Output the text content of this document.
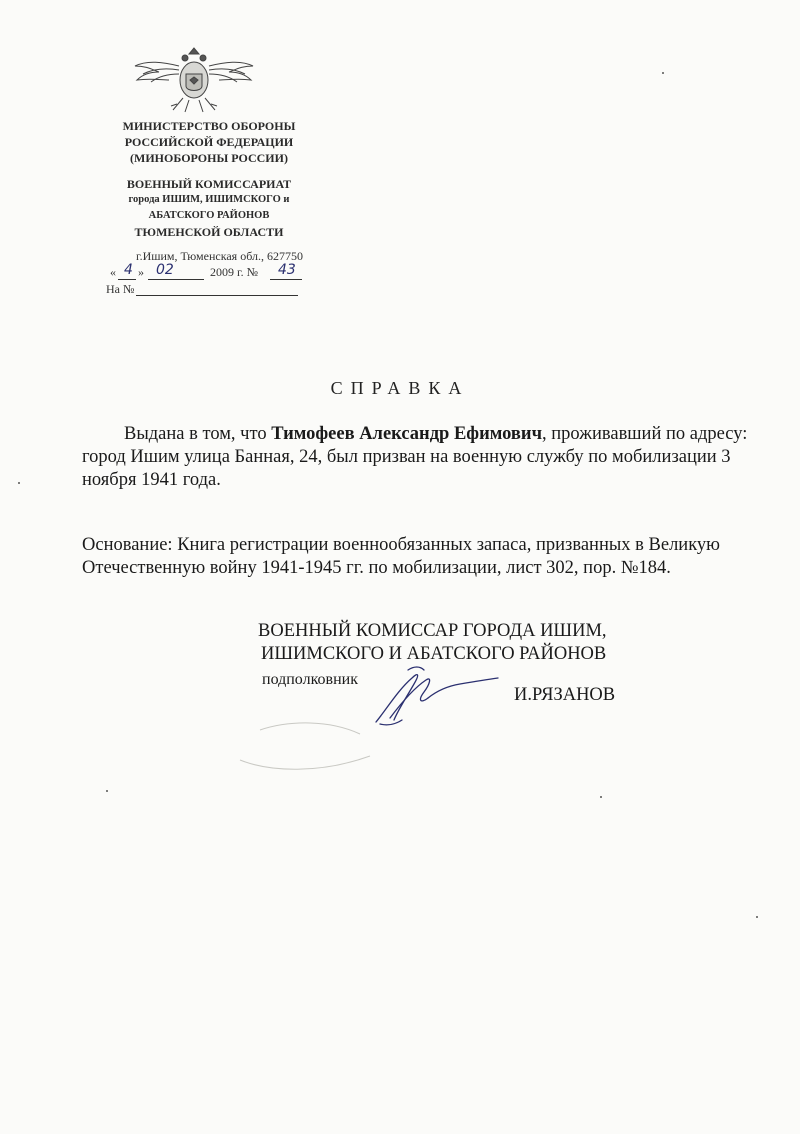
МИНИСТЕРСТВО ОБОРОНЫ
РОССИЙСКОЙ ФЕДЕРАЦИИ
(МИНОБОРОНЫ РОССИИ)
ВОЕННЫЙ КОМИССАРИАТ
города ИШИМ, ИШИМСКОГО и
АБАТСКОГО РАЙОНОВ
ТЮМЕНСКОЙ ОБЛАСТИ
г.Ишим, Тюменская обл., 627750
« 4 » 02	2009 г. № 43
На №
СПРАВКА

Выдана в том, что Тимофеев Александр Ефимович, проживавший по адресу: город Ишим улица Банная, 24, был призван на военную службу по мобилизации 3 ноября 1941 года.

Основание: Книга регистрации военнообязанных запаса, призванных в Великую Отечественную войну 1941-1945 гг. по мобилизации, лист 302, пор. №184.
ВОЕННЫЙ КОМИССАР ГОРОДА ИШИМ,
ИШИМСКОГО И АБАТСКОГО РАЙОНОВ
подполковник
И.РЯЗАНОВ
